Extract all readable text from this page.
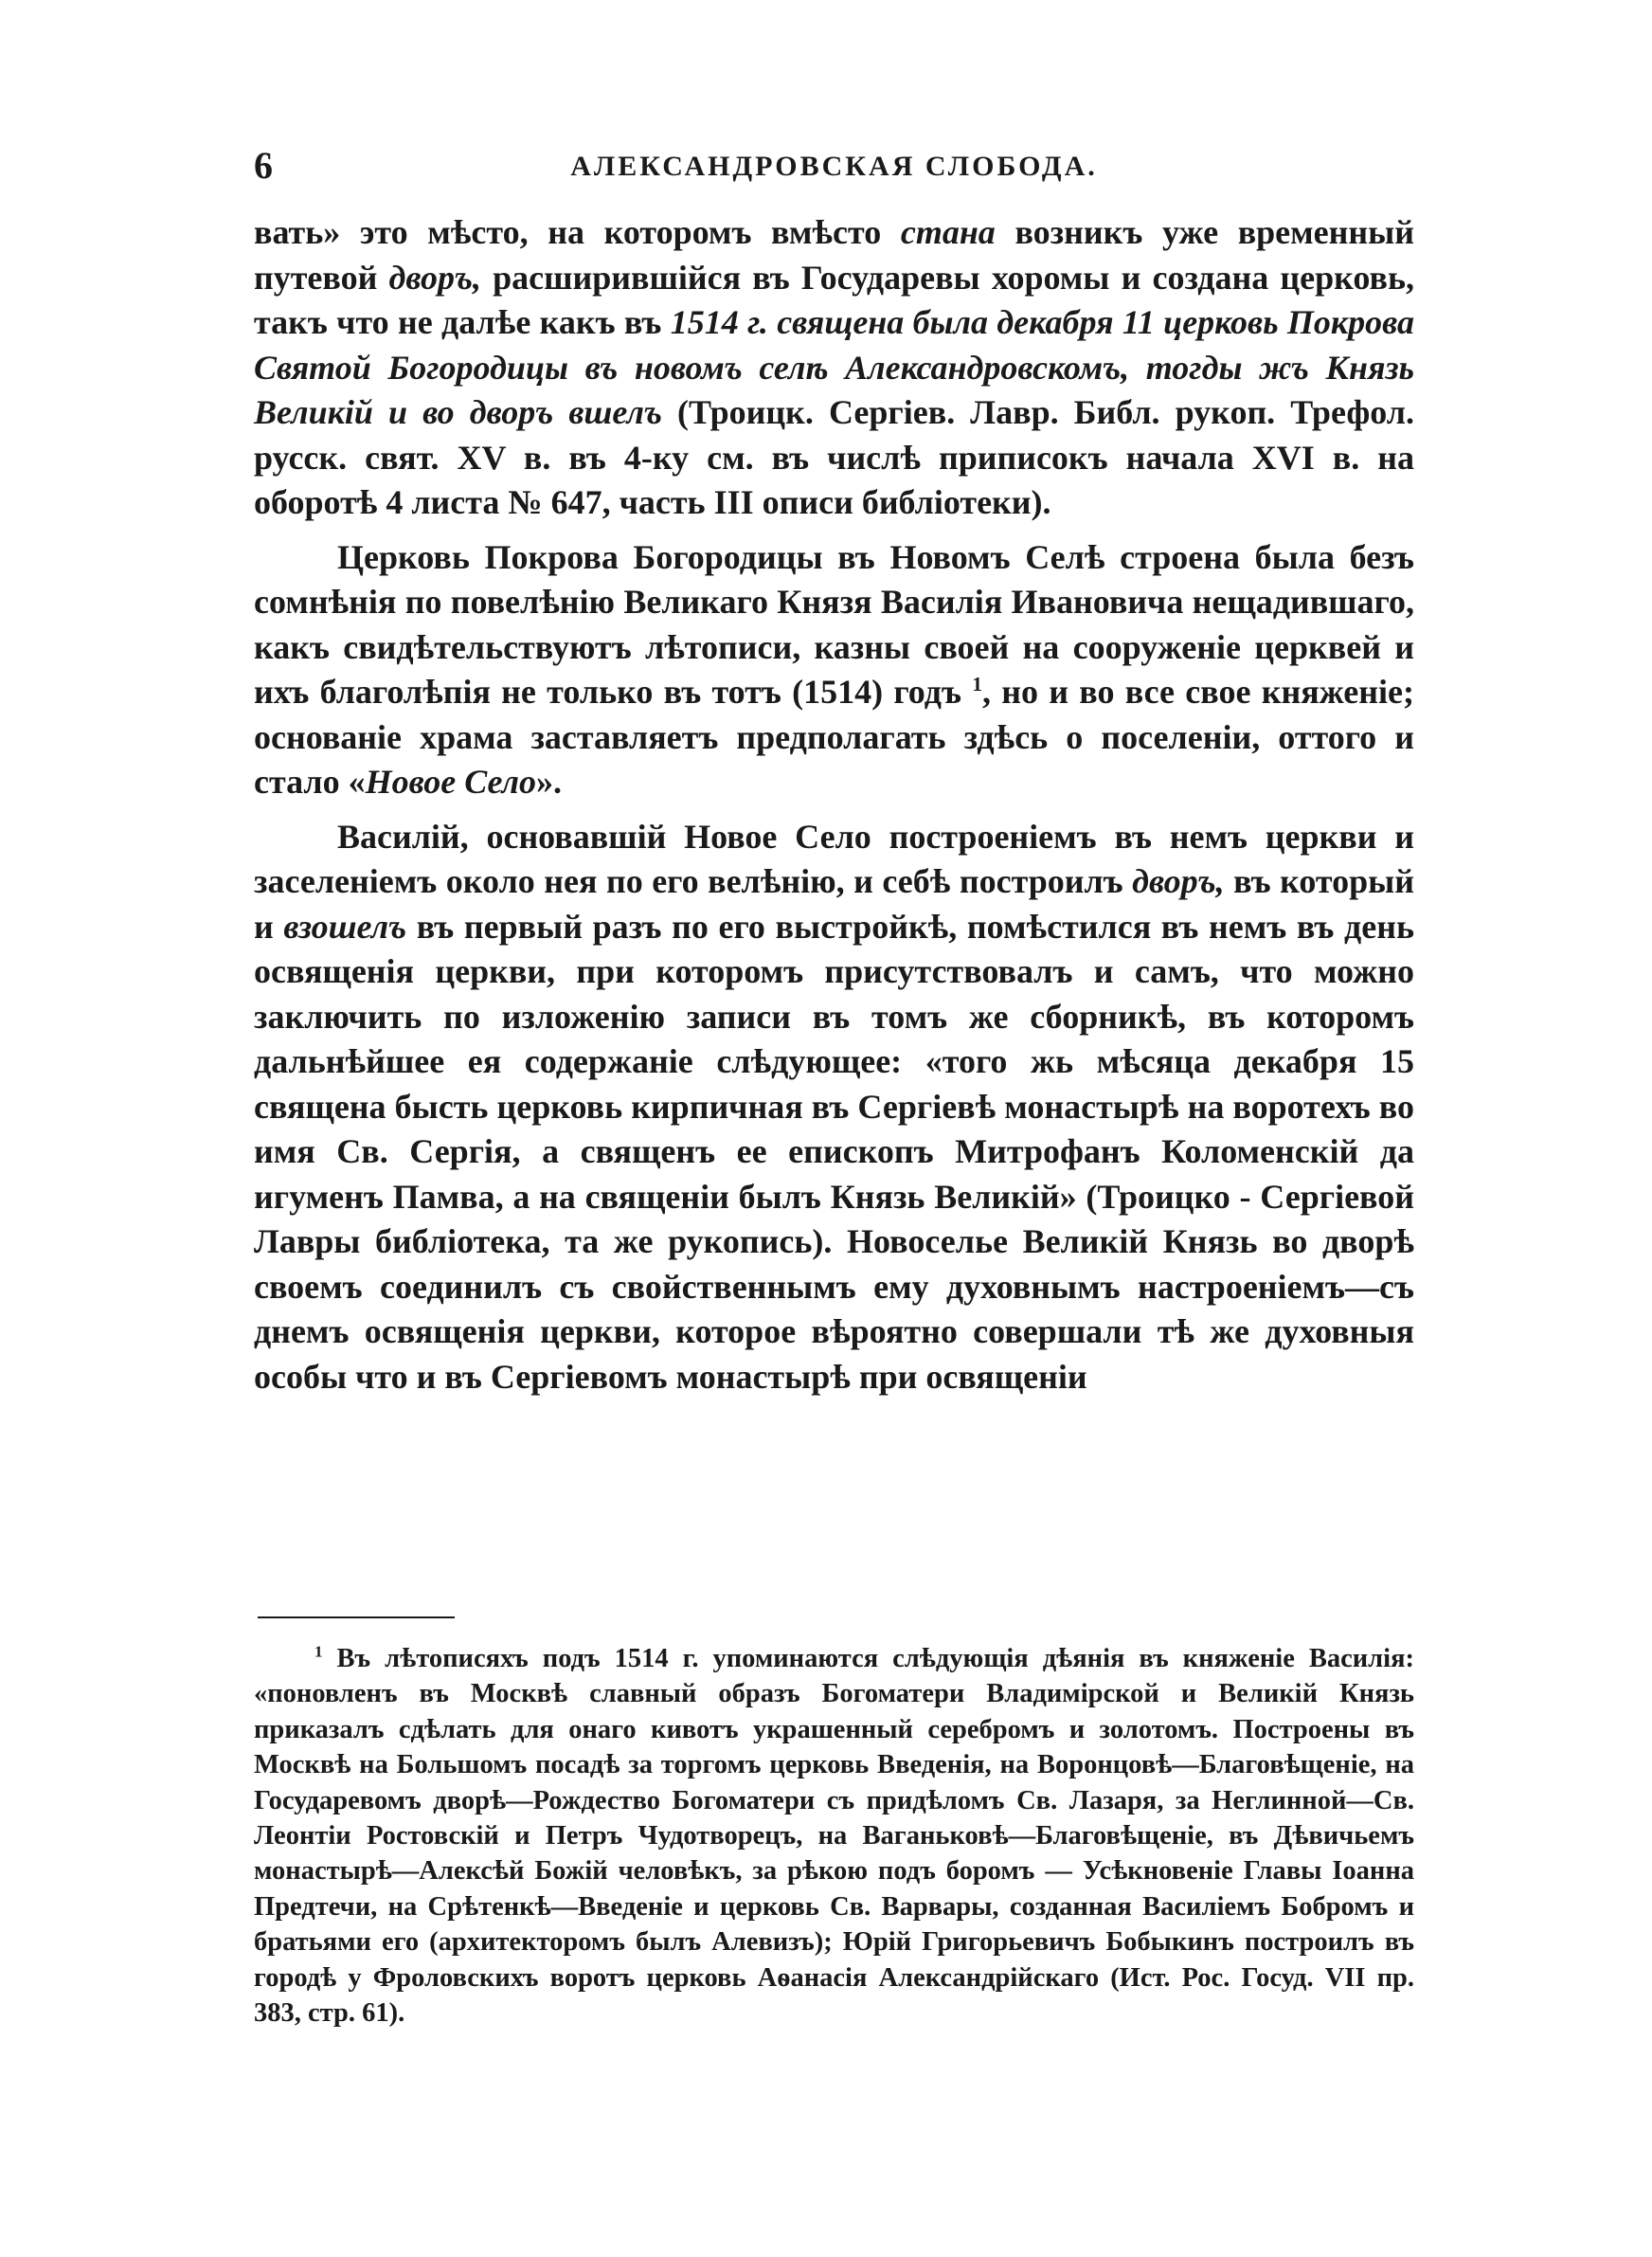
6	АЛЕКСАНДРОВСКАЯ СЛОБОДА.

вать» это мѣсто, на которомъ вмѣсто стана возникъ уже временный путевой дворъ, расширившійся въ Государевы хоромы и создана церковь, такъ что не далѣе какъ въ 1514 г. священа была декабря 11 церковь Покрова Святой Богородицы въ новомъ селѣ Александровскомъ, тогды жъ Князь Великій и во дворъ вшелъ (Троицк. Сергіев. Лавр. Библ. рукоп. Трефол. русск. свят. XV в. въ 4-ку см. въ числѣ приписокъ начала XVI в. на оборотѣ 4 листа № 647, часть III описи библіотеки).

Церковь Покрова Богородицы въ Новомъ Селѣ строена была безъ сомнѣнія по повелѣнію Великаго Князя Василія Ивановича нещадившаго, какъ свидѣтельствуютъ лѣтописи, казны своей на сооруженіе церквей и ихъ благолѣпія не только въ тотъ (1514) годъ $^1$, но и во все свое княженіе; основаніе храма заставляетъ предполагать здѣсь о поселеніи, оттого и стало «Новое Село».

Василій, основавшій Новое Село построеніемъ въ немъ церкви и заселеніемъ около нея по его велѣнію, и себѣ построилъ дворъ, въ который и взошелъ въ первый разъ по его выстройкѣ, помѣстился въ немъ въ день освященія церкви, при которомъ присутствовалъ и самъ, что можно заключить по изложенію записи въ томъ же сборникѣ, въ которомъ дальнѣйшее ея содержаніе слѣдующее: «того жь мѣсяца декабря 15 священа бысть церковь кирпичная въ Сергіевѣ монастырѣ на воротехъ во имя Св. Сергія, а священъ ее епископъ Митрофанъ Коломенскій да игуменъ Памва, а на священіи былъ Князь Великій» (Троицко - Сергіевой Лавры библіотека, та же рукопись). Новоселье Великій Князь во дворѣ своемъ соединилъ съ свойственнымъ ему духовнымъ настроеніемъ—съ днемъ освященія церкви, которое вѣроятно совершали тѣ же духовныя особы что и въ Сергіевомъ монастырѣ при освященіи

$^1$ Въ лѣтописяхъ подъ 1514 г. упоминаются слѣдующія дѣянія въ княженіе Василія: «поновленъ въ Москвѣ славный образъ Богоматери Владимірской и Великій Князь приказалъ сдѣлать для онаго кивотъ украшенный серебромъ и золотомъ. Построены въ Москвѣ на Большомъ посадѣ за торгомъ церковь Введенія, на Воронцовѣ—Благовѣщеніе, на Государевомъ дворѣ—Рождество Богоматери съ придѣломъ Св. Лазаря, за Неглинной—Св. Леонтіи Ростовскій и Петръ Чудотворецъ, на Ваганьковѣ—Благовѣщеніе, въ Дѣвичьемъ монастырѣ—Алексѣй Божій человѣкъ, за рѣкою подъ боромъ — Усѣкновеніе Главы Іоанна Предтечи, на Срѣтенкѣ—Введеніе и церковь Св. Варвары, созданная Василіемъ Бобромъ и братьями его (архитекторомъ былъ Алевизъ); Юрій Григорьевичъ Бобыкинъ построилъ въ городѣ у Фроловскихъ воротъ церковь Аѳанасія Александрійскаго (Ист. Рос. Госуд. VII пр. 383, стр. 61).
